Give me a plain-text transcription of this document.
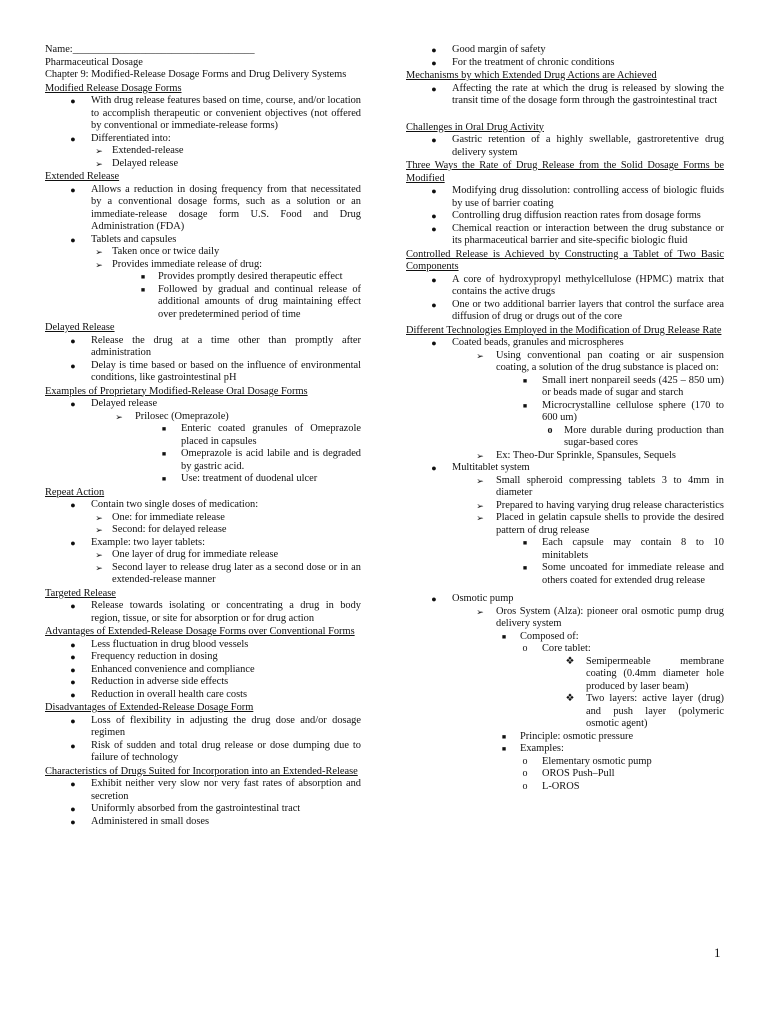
Name:___________________________________

Pharmaceutical Dosage

Chapter 9: Modified-Release Dosage Forms and Drug Delivery Systems

Modified Release Dosage Forms

●	With drug release features based on time, course, and/or location to accomplish therapeutic or convenient objectives (not offered by conventional or immediate-release forms)
●	Differentiated into:
➢ Extended-release
➢ Delayed release

Extended Release

●	Allows a reduction in dosing frequency from that necessitated by a conventional dosage forms, such as a solution or an immediate-release dosage form U.S. Food and Drug Administration (FDA)
●	Tablets and capsules
➢ Taken once or twice daily
➢ Provides immediate release of drug:
■	Provides promptly desired therapeutic effect
■	Followed by gradual and continual release of additional amounts of drug maintaining effect over predetermined period of time

Delayed Release

●	Release the drug at a time other than promptly after administration
●	Delay is time based or based on the influence of environmental conditions, like gastrointestinal pH

Examples of Proprietary Modified-Release Oral Dosage Forms

●	Delayed release
➢ Prilosec (Omeprazole)
■	Enteric coated granules of Omeprazole placed in capsules
■	Omeprazole is acid labile and is degraded by gastric acid.
■	Use: treatment of duodenal ulcer

Repeat Action

●	Contain two single doses of medication:
➢ One: for immediate release
➢ Second: for delayed release
●	Example: two layer tablets:
➢ One layer of drug for immediate release
➢ Second layer to release drug later as a second dose or in an extended-release manner

Targeted Release

●	Release towards isolating or concentrating a drug in body region, tissue, or site for absorption or for drug action

Advantages of Extended-Release Dosage Forms over Conventional Forms

●	Less fluctuation in drug blood vessels
●	Frequency reduction in dosing
●	Enhanced convenience and compliance
●	Reduction in adverse side effects
●	Reduction in overall health care costs

Disadvantages of Extended-Release Dosage Form

●	Loss of flexibility in adjusting the drug dose and/or dosage regimen
●	Risk of sudden and total drug release or dose dumping due to failure of technology

Characteristics of Drugs Suited for Incorporation into an Extended-Release

●	Exhibit neither very slow nor very fast rates of absorption and secretion
●	Uniformly absorbed from the gastrointestinal tract
●	Administered in small doses
●	Good margin of safety
●	For the treatment of chronic conditions

Mechanisms by which Extended Drug Actions are Achieved

●	Affecting the rate at which the drug is released by slowing the transit time of the dosage form through the gastrointestinal tract

Challenges in Oral Drug Activity

●	Gastric retention of a highly swellable, gastroretentive drug delivery system

Three Ways the Rate of Drug Release from the Solid Dosage Forms be Modified

●	Modifying drug dissolution: controlling access of biologic fluids by use of barrier coating
●	Controlling drug diffusion reaction rates from dosage forms
●	Chemical reaction or interaction between the drug substance or its pharmaceutical barrier and site-specific biologic fluid

Controlled Release is Achieved by Constructing a Tablet of Two Basic Components

●	A core of hydroxypropyl methylcellulose (HPMC) matrix that contains the active drugs
●	One or two additional barrier layers that control the surface area diffusion of drug or drugs out of the core

Different Technologies Employed in the Modification of Drug Release Rate

●	Coated beads, granules and microspheres
➢ Using conventional pan coating or air suspension coating, a solution of the drug substance is placed on:
■	Small inert nonpareil seeds (425 – 850 um) or beads made of sugar and starch
■	Microcrystalline cellulose sphere (170 to 600 um)
o	More durable during production than sugar-based cores
➢ Ex: Theo-Dur Sprinkle, Spansules, Sequels
●	Multitablet system
➢ Small spheroid compressing tablets 3 to 4mm in diameter
➢ Prepared to having varying drug release characteristics
➢ Placed in gelatin capsule shells to provide the desired pattern of drug release
■	Each capsule may contain 8 to 10 minitablets
■	Some uncoated for immediate release and others coated for extended drug release
●	Osmotic pump
➢ Oros System (Alza): pioneer oral osmotic pump drug delivery system
■	Composed of:
o	Core tablet:
❖ Semipermeable membrane coating (0.4mm diameter hole produced by laser beam)
❖ Two layers: active layer (drug) and push layer (polymeric osmotic agent)
■	Principle: osmotic pressure
■	Examples:
o	Elementary osmotic pump
o	OROS Push–Pull
o	L-OROS
1
